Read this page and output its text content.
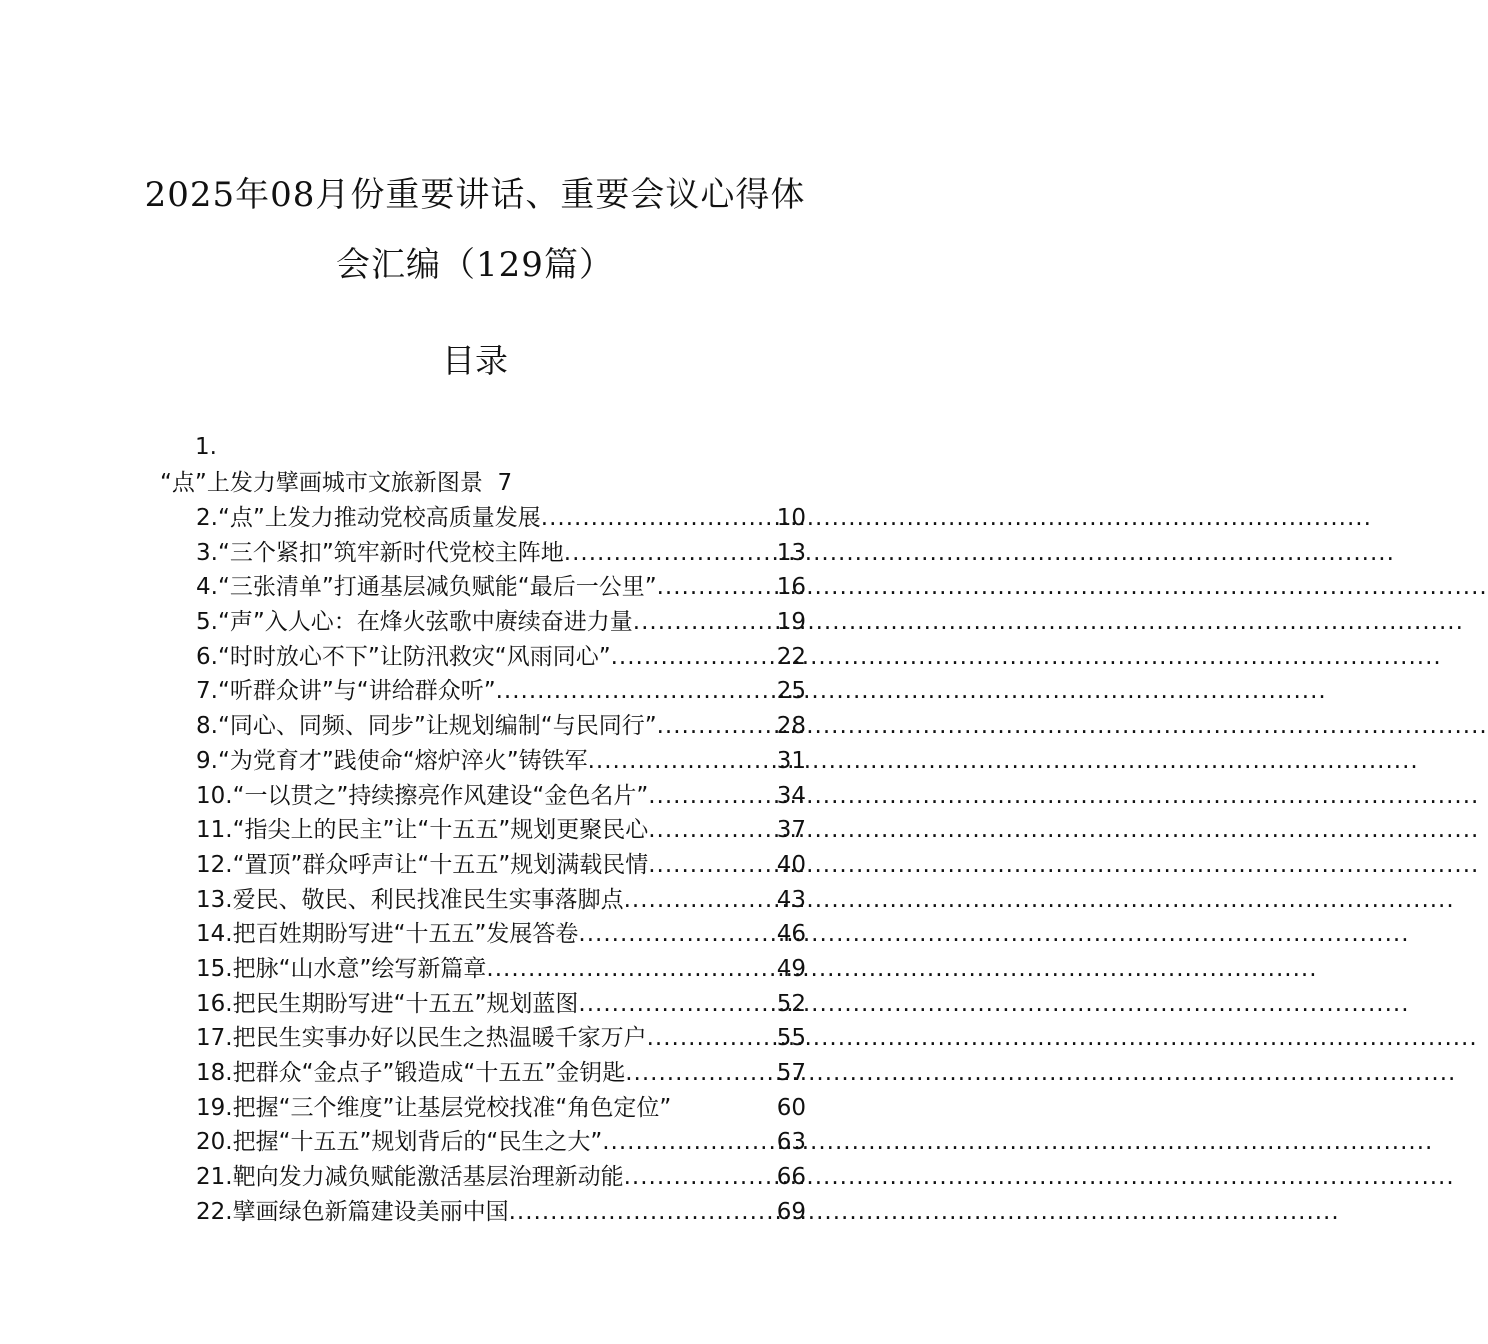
2025年08月份重要讲话、重要会议心得体
会汇编（129篇）
目录
1.
“点”上发力擘画城市文旅新图景 7
2.“点”上发力推动党校高质量发展 .....	10
3.“三个紧扣”筑牢新时代党校主阵地 .....	13
4.“三张清单”打通基层减负赋能“最后一公里” .....	16
5.“声”入人心：在烽火弦歌中赓续奋进力量 .....	19
6.“时时放心不下”让防汛救灾“风雨同心” .....	22
7.“听群众讲”与“讲给群众听” .....	25
8.“同心、同频、同步”让规划编制“与民同行” .....	28
9.“为党育才”践使命“熔炉淬火”铸铁军 .....	31
10.“一以贯之”持续擦亮作风建设“金色名片” .....	34
11.“指尖上的民主”让“十五五”规划更聚民心 .....	37
12.“置顶”群众呼声让“十五五”规划满载民情 .....	40
13.爱民、敬民、利民找准民生实事落脚点 .....	43
14.把百姓期盼写进“十五五”发展答卷 .....	46
15.把脉“山水意”绘写新篇章 .....	49
16.把民生期盼写进“十五五”规划蓝图 .....	52
17.把民生实事办好以民生之热温暖千家万户 .....	55
18.把群众“金点子”锻造成“十五五”金钥匙 .....	57
19.把握“三个维度”让基层党校找准“角色定位”	60
20.把握“十五五”规划背后的“民生之大” .....	63
21.靶向发力减负赋能激活基层治理新动能 .....	66
22.擘画绿色新篇建设美丽中国 .....	69
